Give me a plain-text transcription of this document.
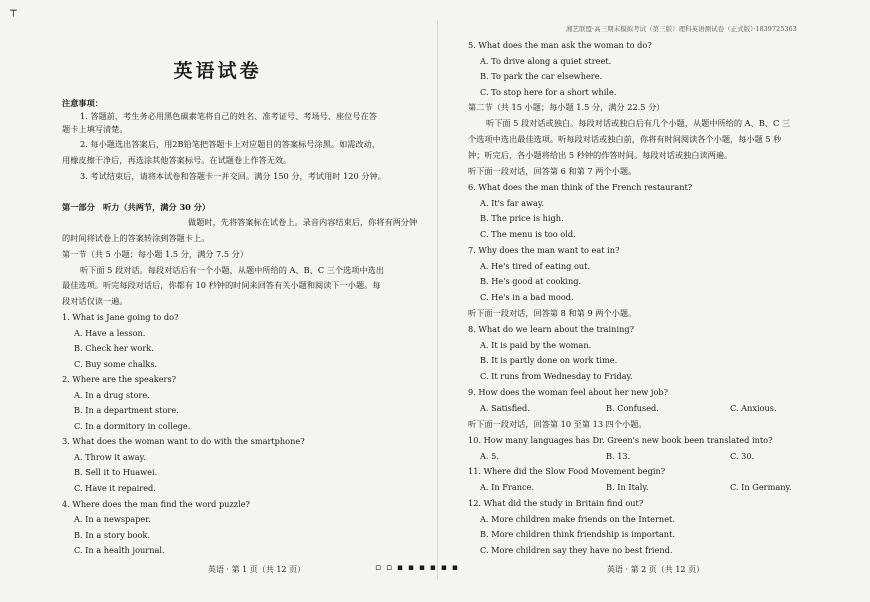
┬
英语试卷
注意事项：
1. 答题前，考生务必用黑色碳素笔将自己的姓名、准考证号、考场号、座位号在答
题卡上填写清楚。
2. 每小题选出答案后，用2B铅笔把答题卡上对应题目的答案标号涂黑。如需改动，
用橡皮擦干净后，再选涂其他答案标号。在试题卷上作答无效。
3. 考试结束后，请将本试卷和答题卡一并交回。满分 150 分，考试用时 120 分钟。
第一部分　听力（共两节，满分 30 分）
做题时，先将答案标在试卷上。录音内容结束后，你将有两分钟
的时间将试卷上的答案转涂到答题卡上。
第一节（共 5 小题；每小题 1.5 分，满分 7.5 分）
听下面 5 段对话。每段对话后有一个小题，从题中所给的 A、B、C 三个选项中选出
最佳选项。听完每段对话后，你都有 10 秒钟的时间来回答有关小题和阅读下一小题。每
段对话仅读一遍。
1. What is Jane going to do?
A. Have a lesson.
B. Check her work.
C. Buy some chalks.
2. Where are the speakers?
A. In a drug store.
B. In a department store.
C. In a dormitory in college.
3. What does the woman want to do with the smartphone?
A. Throw it away.
B. Sell it to Huawei.
C. Have it repaired.
4. Where does the man find the word puzzle?
A. In a newspaper.
B. In a story book.
C. In a health journal.
英语 · 第 1 页（共 12 页）	▫ ▫ ▪ ▪ ▪ ▪ ▪ ▪
5. What does the man ask the woman to do?
A. To drive along a quiet street.
B. To park the car elsewhere.
C. To stop here for a short while.
第二节（共 15 小题；每小题 1.5 分，满分 22.5 分）
听下面 5 段对话或独白。每段对话或独白后有几个小题，从题中所给的 A、B、C 三
个选项中选出最佳选项。听每段对话或独白前，你将有时间阅读各个小题，每小题 5 秒
钟；听完后，各小题将给出 5 秒钟的作答时间。每段对话或独白读两遍。
听下面一段对话，回答第 6 和第 7 两个小题。
6. What does the man think of the French restaurant?
A. It's far away.
B. The price is high.
C. The menu is too old.
7. Why does the man want to eat in?
A. He's tired of eating out.
B. He's good at cooking.
C. He's in a bad mood.
听下面一段对话，回答第 8 和第 9 两个小题。
8. What do we learn about the training?
A. It is paid by the woman.
B. It is partly done on work time.
C. It runs from Wednesday to Friday.
9. How does the woman feel about her new job?
A. Satisfied.	B. Confused.	C. Anxious.
听下面一段对话，回答第 10 至第 13 四个小题。
10. How many languages has Dr. Green's new book been translated into?
A. 5.	B. 13.	C. 30.
11. Where did the Slow Food Movement begin?
A. In France.	B. In Italy.	C. In Germany.
12. What did the study in Britain find out?
A. More children make friends on the Internet.
B. More children think friendship is important.
C. More children say they have no best friend.
英语 · 第 2 页（共 12 页）
湘艺联盟·高三期末模拟考试（第三版）理科英语测试卷（正式版）·1839725363
